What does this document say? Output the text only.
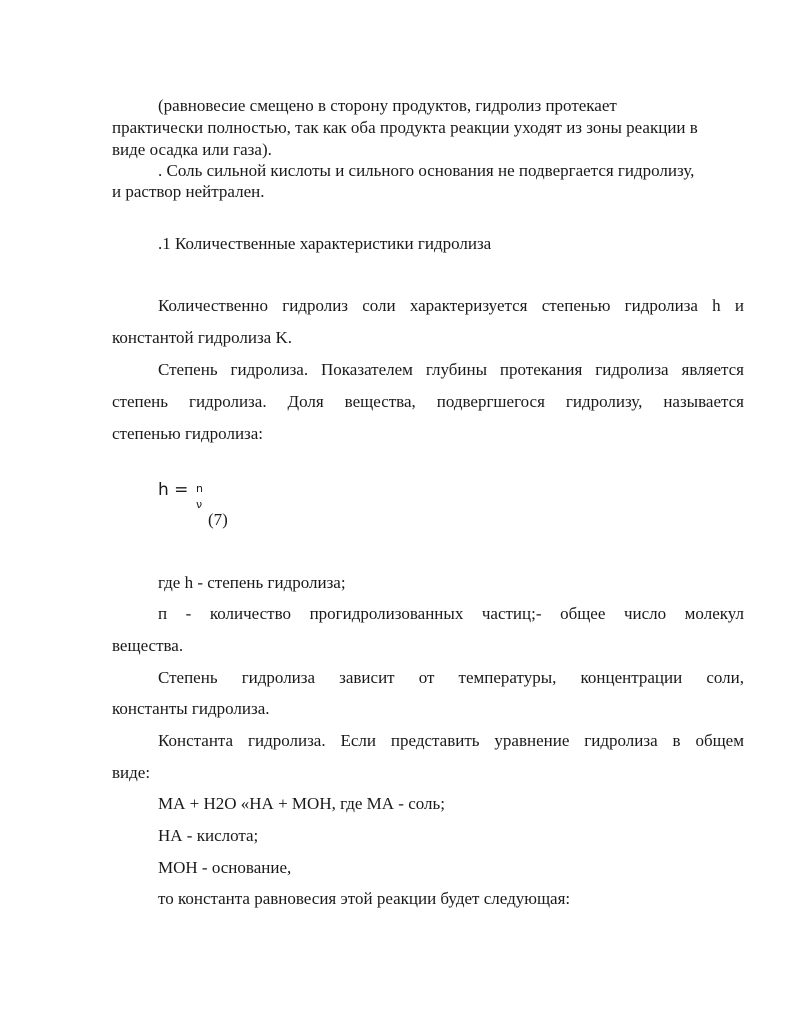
(равновесие смещено в сторону продуктов, гидролиз протекает
практически полностью, так как оба продукта реакции уходят из зоны реакции в
виде осадка или газа).
. Соль сильной кислоты и сильного основания не подвергается гидролизу,
и раствор нейтрален.
.1 Количественные характеристики гидролиза
Количественно гидролиз соли характеризуется степенью гидролиза h и
константой гидролиза K.
Степень гидролиза. Показателем глубины протекания гидролиза является
степень гидролиза. Доля вещества, подвергшегося гидролизу, называется
степенью гидролиза:
h = n
ν
(7)
где h - степень гидролиза;
п - количество прогидролизованных частиц;- общее число молекул
вещества.
Степень гидролиза зависит от температуры, концентрации соли,
константы гидролиза.
Константа гидролиза. Если представить уравнение гидролиза в общем
виде:
МА + Н2О «НА + МОН, где МА - соль;
НА - кислота;
МОН - основание,
то константа равновесия этой реакции будет следующая:
